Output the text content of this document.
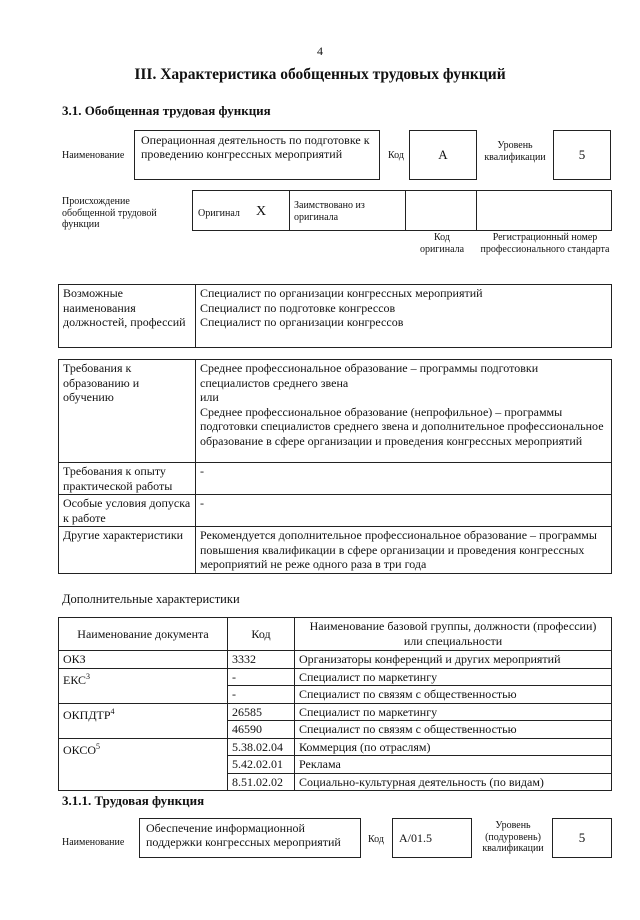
4
III. Характеристика обобщенных трудовых функций
3.1. Обобщенная трудовая функция
Наименование
Операционная деятельность по подготовке к проведению конгрессных мероприятий	Код	A
Уровень квалификации	5
Происхождение обобщенной трудовой функции
Оригинал X	Заимствовано из оригинала
Код оригинала
Регистрационный номер профессионального стандарта
Возможные наименования должностей, профессий	
Специалист по организации конгрессных мероприятий
Специалист по подготовке конгрессов
Специалист по организации конгрессов
Требования к образованию и обучению	Среднее профессиональное образование – программы подготовки специалистов среднего звена
или
Среднее профессиональное образование (непрофильное) – программы подготовки специалистов среднего звена и дополнительное профессиональное образование в сфере организации и проведения конгрессных мероприятий
Требования к опыту практической работы	-
Особые условия допуска к работе	-
Другие характеристики	Рекомендуется дополнительное профессиональное образование – программы повышения квалификации в сфере организации и проведения конгрессных мероприятий не реже одного раза в три года
Дополнительные характеристики
Наименование документа	Код	Наименование базовой группы, должности (профессии) или специальности
ОКЗ	3332	Организаторы конференций и других мероприятий
ЕКС$^3$	-	Специалист по маркетингу
	-	Специалист по связям с общественностью
ОКПДТР$^4$	26585	Специалист по маркетингу
	46590	Специалист по связям с общественностью
ОКСО$^5$	5.38.02.04	Коммерция (по отраслям)
	5.42.02.01	Реклама
	8.51.02.02	Социально-культурная деятельность (по видам)
3.1.1. Трудовая функция
Наименование
Обеспечение информационной поддержки конгрессных мероприятий	Код	A/01.5
Уровень (подуровень) квалификации
5
